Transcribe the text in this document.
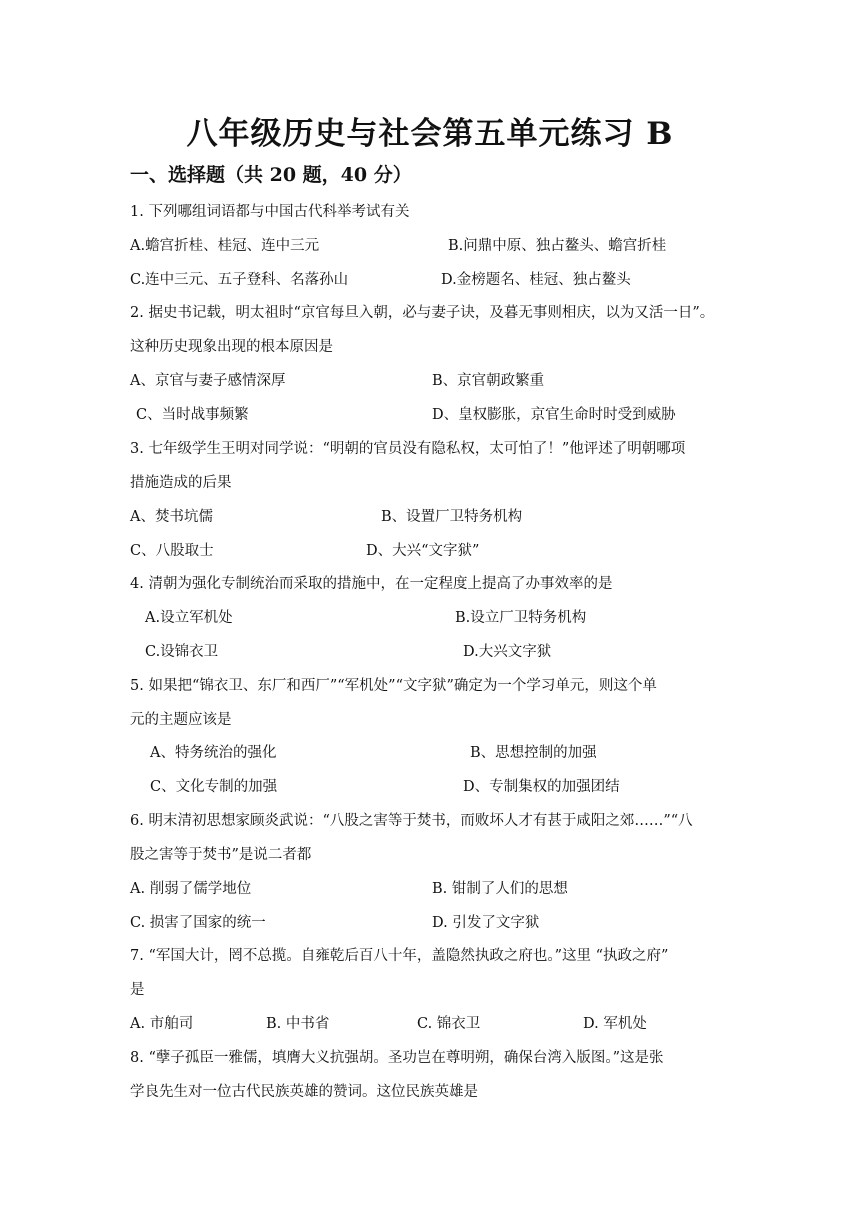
八年级历史与社会第五单元练习 B
一、选择题（共 20 题，40 分）
1. 下列哪组词语都与中国古代科举考试有关
A.蟾宫折桂、桂冠、连中三元	B.问鼎中原、独占鳌头、蟾宫折桂
C.连中三元、五子登科、名落孙山	D.金榜题名、桂冠、独占鳌头
2. 据史书记载，明太祖时“京官每旦入朝，必与妻子诀，及暮无事则相庆，以为又活一日”。
这种历史现象出现的根本原因是
A、京官与妻子感情深厚	B、京官朝政繁重
C、当时战事频繁	D、皇权膨胀，京官生命时时受到威胁
3. 七年级学生王明对同学说：“明朝的官员没有隐私权，太可怕了！”他评述了明朝哪项
措施造成的后果
A、焚书坑儒	B、设置厂卫特务机构
C、八股取士	D、大兴“文字狱”
4. 清朝为强化专制统治而采取的措施中，在一定程度上提高了办事效率的是
A.设立军机处	B.设立厂卫特务机构
C.设锦衣卫	D.大兴文字狱
5. 如果把“锦衣卫、东厂和西厂”“军机处”“文字狱”确定为一个学习单元，则这个单
元的主题应该是
A、特务统治的强化	B、思想控制的加强
C、文化专制的加强	D、专制集权的加强团结
6. 明末清初思想家顾炎武说：“八股之害等于焚书，而败坏人才有甚于咸阳之郊……”“八
股之害等于焚书”是说二者都
A. 削弱了儒学地位	B. 钳制了人们的思想
C. 损害了国家的统一	D. 引发了文字狱
7. “军国大计，罔不总揽。自雍乾后百八十年，盖隐然执政之府也。”这里 “执政之府”
是
A. 市舶司	B. 中书省	C. 锦衣卫	D. 军机处
8. “孽子孤臣一雅儒，填膺大义抗强胡。圣功岂在尊明朔，确保台湾入版图。”这是张
学良先生对一位古代民族英雄的赞词。这位民族英雄是
